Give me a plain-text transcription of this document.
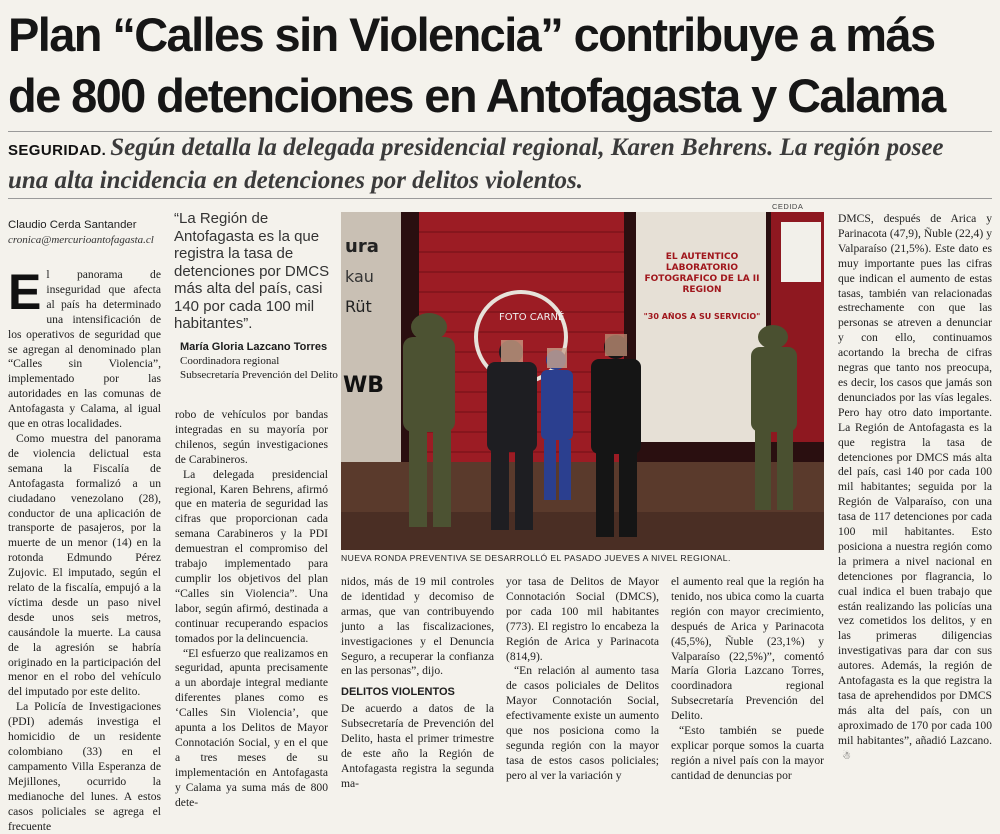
Plan “Calles sin Violencia” contribuye a más de 800 detenciones en Antofagasta y Calama

SEGURIDAD. Según detalla la delegada presidencial regional, Karen Behrens. La región posee una alta incidencia en detenciones por delitos violentos.

Claudio Cerda Santander
cronica@mercurioantofagasta.cl

El panorama de inseguridad que afecta al país ha determinado una intensificación de los operativos de seguridad que se agregan al denominado plan “Calles sin Violencia”, implementado por las autoridades en las comunas de Antofagasta y Calama, al igual que en otras localidades.

Como muestra del panorama de violencia delictual esta semana la Fiscalía de Antofagasta formalizó a un ciudadano venezolano (28), conductor de una aplicación de transporte de pasajeros, por la muerte de un menor (14) en la rotonda Edmundo Pérez Zujovic. El imputado, según el relato de la fiscalía, empujó a la víctima desde un paso nivel desde unos seis metros, causándole la muerte. La causa de la agresión se habría originado en la participación del menor en el robo del vehículo del imputado por este delito.

La Policía de Investigaciones (PDI) además investiga el homicidio de un residente colombiano (33) en el campamento Villa Esperanza de Mejillones, ocurrido la medianoche del lunes. A estos casos policiales se agrega el frecuente

“La Región de Antofagasta es la que registra la tasa de detenciones por DMCS más alta del país, casi 140 por cada 100 mil habitantes”.
María Gloria Lazcano Torres
Coordinadora regional Subsecretaría Prevención del Delito

robo de vehículos por bandas integradas en su mayoría por chilenos, según investigaciones de Carabineros.

La delegada presidencial regional, Karen Behrens, afirmó que en materia de seguridad las cifras que proporcionan cada semana Carabineros y la PDI demuestran el compromiso del trabajo implementado para cumplir los objetivos del plan “Calles sin Violencia”. Una labor, según afirmó, destinada a continuar recuperando espacios tomados por la delincuencia.

“El esfuerzo que realizamos en seguridad, apunta precisamente a un abordaje integral mediante diferentes planes como es ‘Calles Sin Violencia’, que apunta a los Delitos de Mayor Connotación Social, y en el que a tres meses de su implementación en Antofagasta y Calama ya suma más de 800 dete-

CEDIDA
ura
kau
Rüt
WB
FOTO CARNÉ
EL AUTENTICO LABORATORIO FOTOGRAFICO DE LA II REGION
"30 AÑOS A SU SERVICIO"
NUEVA RONDA PREVENTIVA SE DESARROLLÓ EL PASADO JUEVES A NIVEL REGIONAL.

nidos, más de 19 mil controles de identidad y decomiso de armas, que van contribuyendo junto a las fiscalizaciones, investigaciones y el Denuncia Seguro, a recuperar la confianza en las personas”, dijo.

DELITOS VIOLENTOS

De acuerdo a datos de la Subsecretaría de Prevención del Delito, hasta el primer trimestre de este año la Región de Antofagasta registra la segunda ma-

yor tasa de Delitos de Mayor Connotación Social (DMCS), por cada 100 mil habitantes (773). El registro lo encabeza la Región de Arica y Parinacota (814,9).

“En relación al aumento tasa de casos policiales de Delitos Mayor Connotación Social, efectivamente existe un aumento que nos posiciona como la segunda región con la mayor tasa de estos casos policiales; pero al ver la variación y

el aumento real que la región ha tenido, nos ubica como la cuarta región con mayor crecimiento, después de Arica y Parinacota (45,5%), Ñuble (23,1%) y Valparaíso (22,5%)”, comentó María Gloria Lazcano Torres, coordinadora regional Subsecretaría Prevención del Delito.

“Esto también se puede explicar porque somos la cuarta región a nivel país con la mayor cantidad de denuncias por

DMCS, después de Arica y Parinacota (47,9), Ñuble (22,4) y Valparaíso (21,5%). Este dato es muy importante pues las cifras que indican el aumento de estas tasas, también van relacionadas estrechamente con que las personas se atreven a denunciar y con ello, continuamos acortando la brecha de cifras negras que tanto nos preocupa, es decir, los casos que jamás son denunciados por las vías legales. Pero hay otro dato importante. La Región de Antofagasta es la que registra la tasa de detenciones por DMCS más alta del país, casi 140 por cada 100 mil habitantes; seguida por la Región de Valparaíso, con una tasa de 117 detenciones por cada 100 mil habitantes. Esto posiciona a nuestra región como la primera a nivel nacional en detenciones por flagrancia, lo cual indica el buen trabajo que están realizando las policías una vez cometidos los delitos, y en las primeras diligencias investigativas para dar con sus autores. Además, la región de Antofagasta es la que registra la tasa de aprehendidos por DMCS más alta del país, con un aproximado de 170 por cada 100 mil habitantes”, añadió Lazcano.☃
